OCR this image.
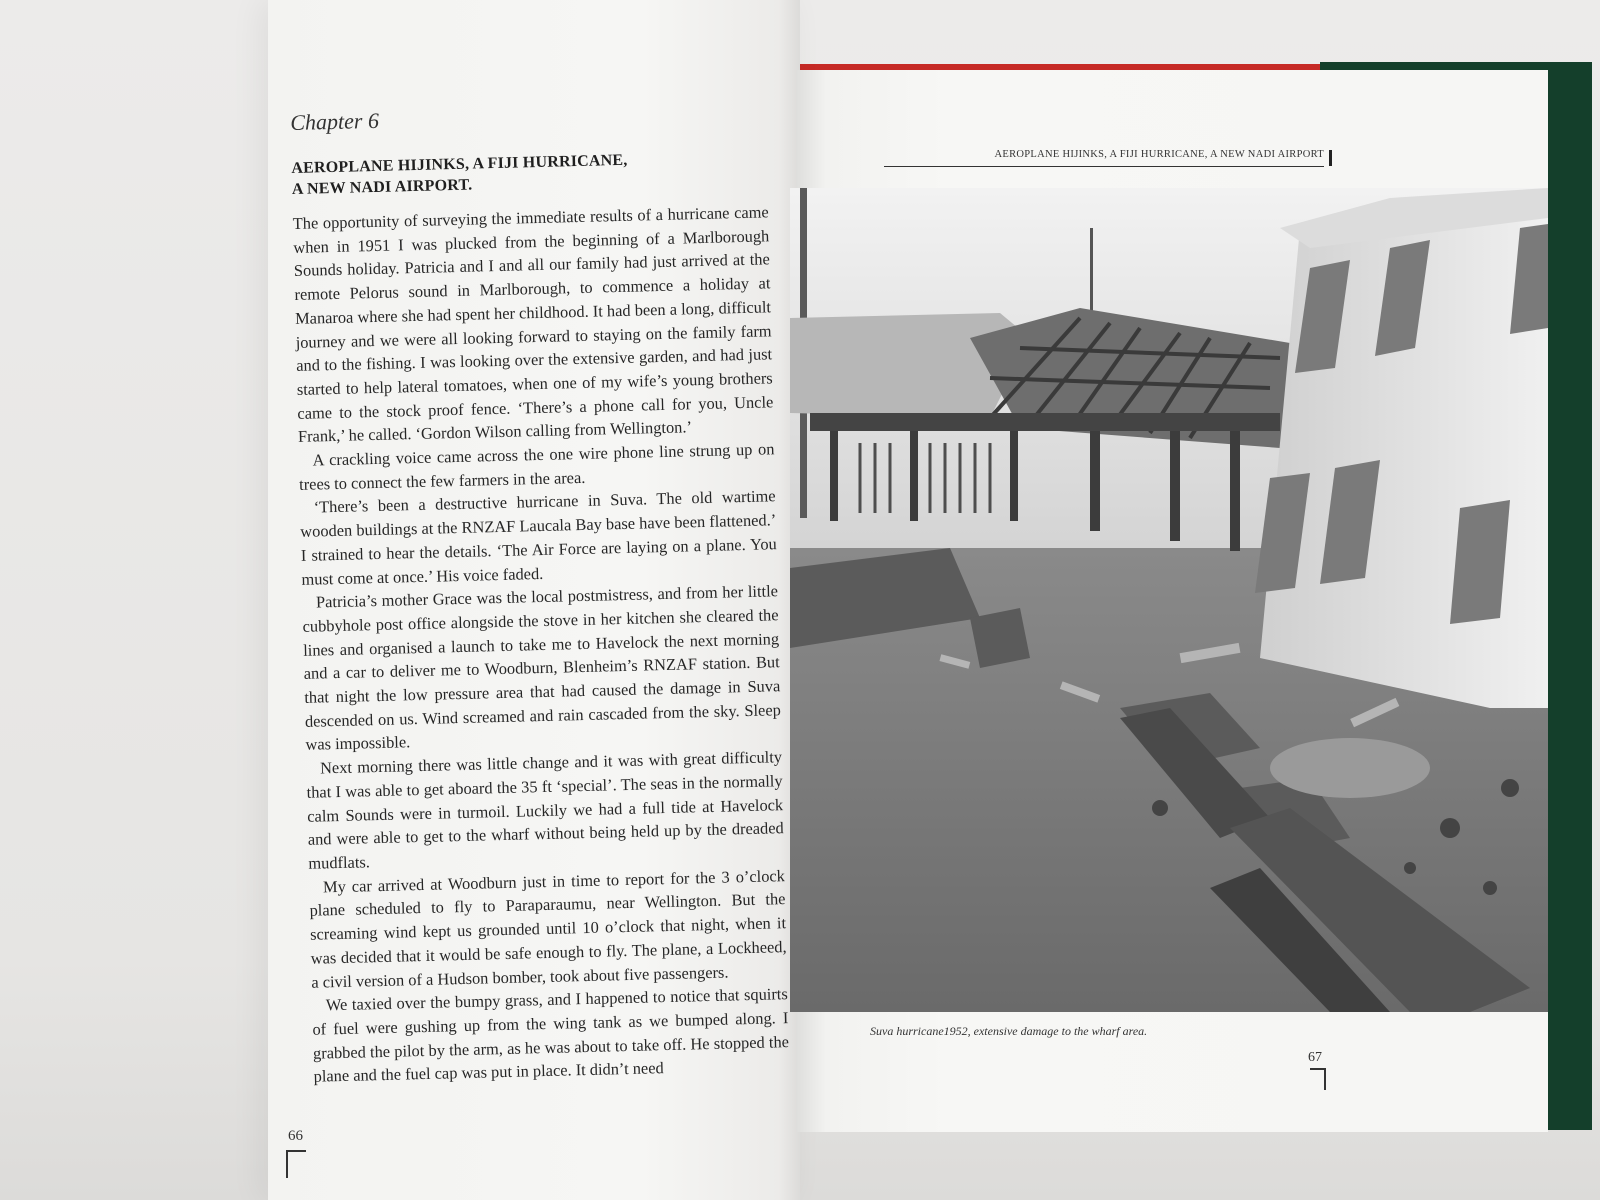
Chapter 6
AEROPLANE HIJINKS, A FIJI HURRICANE,
A NEW NADI AIRPORT.

The opportunity of surveying the immediate results of a hurricane came when in 1951 I was plucked from the beginning of a Marlborough Sounds holiday. Patricia and I and all our family had just arrived at the remote Pelorus sound in Marlborough, to commence a holiday at Manaroa where she had spent her childhood. It had been a long, difficult journey and we were all looking forward to staying on the family farm and to the fishing. I was looking over the extensive garden, and had just started to help lateral tomatoes, when one of my wife’s young brothers came to the stock proof fence. ‘There’s a phone call for you, Uncle Frank,’ he called. ‘Gordon Wilson calling from Wellington.’

A crackling voice came across the one wire phone line strung up on trees to connect the few farmers in the area.

‘There’s been a destructive hurricane in Suva. The old wartime wooden buildings at the RNZAF Laucala Bay base have been flattened.’ I strained to hear the details. ‘The Air Force are laying on a plane. You must come at once.’ His voice faded.

Patricia’s mother Grace was the local postmistress, and from her little cubbyhole post office alongside the stove in her kitchen she cleared the lines and organised a launch to take me to Havelock the next morning and a car to deliver me to Woodburn, Blenheim’s RNZAF station. But that night the low pressure area that had caused the damage in Suva descended on us. Wind screamed and rain cascaded from the sky. Sleep was impossible.

Next morning there was little change and it was with great difficulty that I was able to get aboard the 35 ft ‘special’. The seas in the normally calm Sounds were in turmoil. Luckily we had a full tide at Havelock and were able to get to the wharf without being held up by the dreaded mudflats.

My car arrived at Woodburn just in time to report for the 3 o’clock plane scheduled to fly to Paraparaumu, near Wellington. But the screaming wind kept us grounded until 10 o’clock that night, when it was decided that it would be safe enough to fly. The plane, a Lockheed, a civil version of a Hudson bomber, took about five passengers.

We taxied over the bumpy grass, and I happened to notice that squirts of fuel were gushing up from the wing tank as we bumped along. I grabbed the pilot by the arm, as he was about to take off. He stopped the plane and the fuel cap was put in place. It didn’t need

66
AEROPLANE HIJINKS, A FIJI HURRICANE, A NEW NADI AIRPORT
Suva hurricane1952, extensive damage to the wharf area.
67
